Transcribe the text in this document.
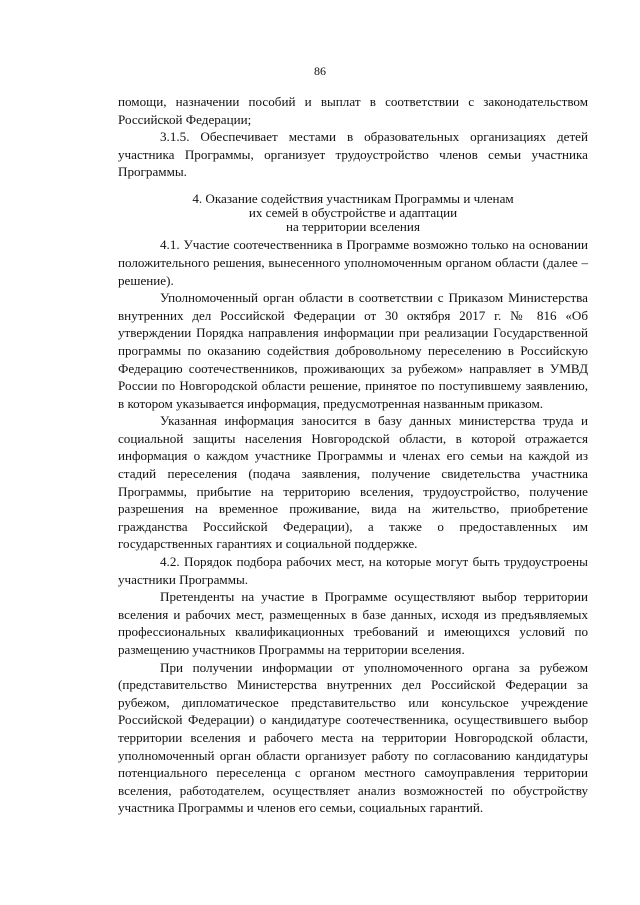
86

помощи, назначении пособий и выплат в соответствии с законодательством Российской Федерации;

3.1.5. Обеспечивает местами в образовательных организациях детей участника Программы, организует трудоустройство членов семьи участника Программы.

4. Оказание содействия участникам Программы и членам
их семей в обустройстве и адаптации
на территории вселения

4.1. Участие соотечественника в Программе возможно только на основании положительного решения, вынесенного уполномоченным органом области (далее – решение).

Уполномоченный орган области в соответствии с Приказом Министерства внутренних дел Российской Федерации от 30 октября 2017 г. № 816 «Об утверждении Порядка направления информации при реализации Государственной программы по оказанию содействия добровольному переселению в Российскую Федерацию соотечественников, проживающих за рубежом» направляет в УМВД России по Новгородской области решение, принятое по поступившему заявлению, в котором указывается информация, предусмотренная названным приказом.

Указанная информация заносится в базу данных министерства труда и социальной защиты населения Новгородской области, в которой отражается информация о каждом участнике Программы и членах его семьи на каждой из стадий переселения (подача заявления, получение свидетельства участника Программы, прибытие на территорию вселения, трудоустройство, получение разрешения на временное проживание, вида на жительство, приобретение гражданства Российской Федерации), а также о предоставленных им государственных гарантиях и социальной поддержке.

4.2. Порядок подбора рабочих мест, на которые могут быть трудоустроены участники Программы.

Претенденты на участие в Программе осуществляют выбор территории вселения и рабочих мест, размещенных в базе данных, исходя из предъявляемых профессиональных квалификационных требований и имеющихся условий по размещению участников Программы на территории вселения.

При получении информации от уполномоченного органа за рубежом (представительство Министерства внутренних дел Российской Федерации за рубежом, дипломатическое представительство или консульское учреждение Российской Федерации) о кандидатуре соотечественника, осуществившего выбор территории вселения и рабочего места на территории Новгородской области, уполномоченный орган области организует работу по согласованию кандидатуры потенциального переселенца с органом местного самоуправления территории вселения, работодателем, осуществляет анализ возможностей по обустройству участника Программы и членов его семьи, социальных гарантий.
